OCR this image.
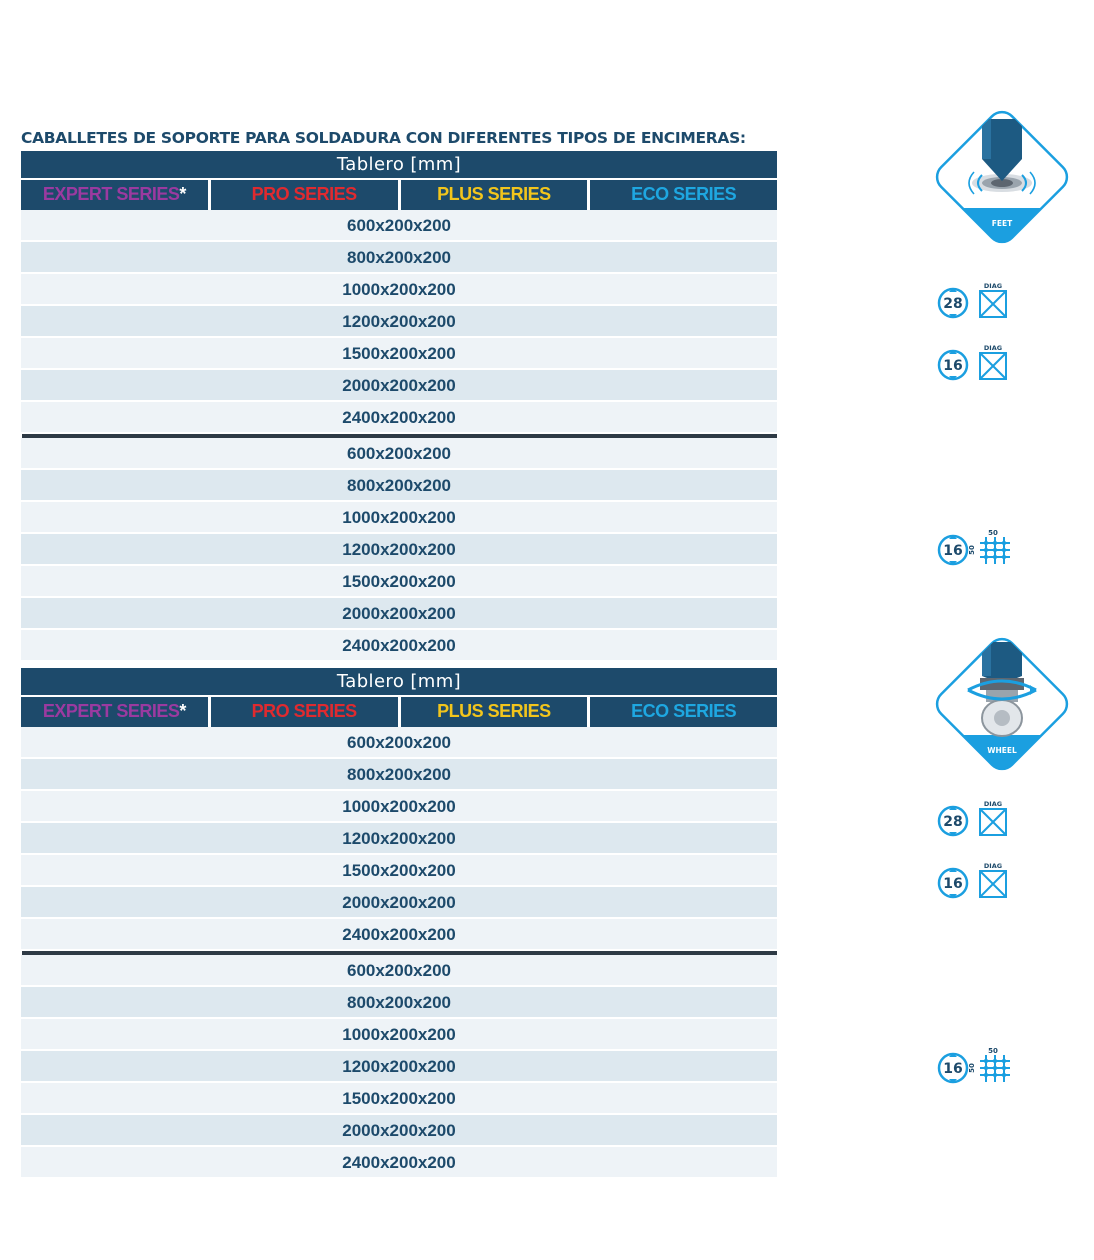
CABALLETES DE SOPORTE PARA SOLDADURA CON DIFERENTES TIPOS DE ENCIMERAS:
Tablero [mm]
EXPERT SERIES*	PRO SERIES	PLUS SERIES	ECO SERIES
600x200x200
800x200x200
1000x200x200
1200x200x200
1500x200x200
2000x200x200
2400x200x200
600x200x200
800x200x200
1000x200x200
1200x200x200
1500x200x200
2000x200x200
2400x200x200
Tablero [mm]
EXPERT SERIES*	PRO SERIES	PLUS SERIES	ECO SERIES
600x200x200
800x200x200
1000x200x200
1200x200x200
1500x200x200
2000x200x200
2400x200x200
600x200x200
800x200x200
1000x200x200
1200x200x200
1500x200x200
2000x200x200
2400x200x200
FEET
WHEEL
28
DIAG
16
DIAG
16
50
50
28
DIAG
16
DIAG
16
50
50
